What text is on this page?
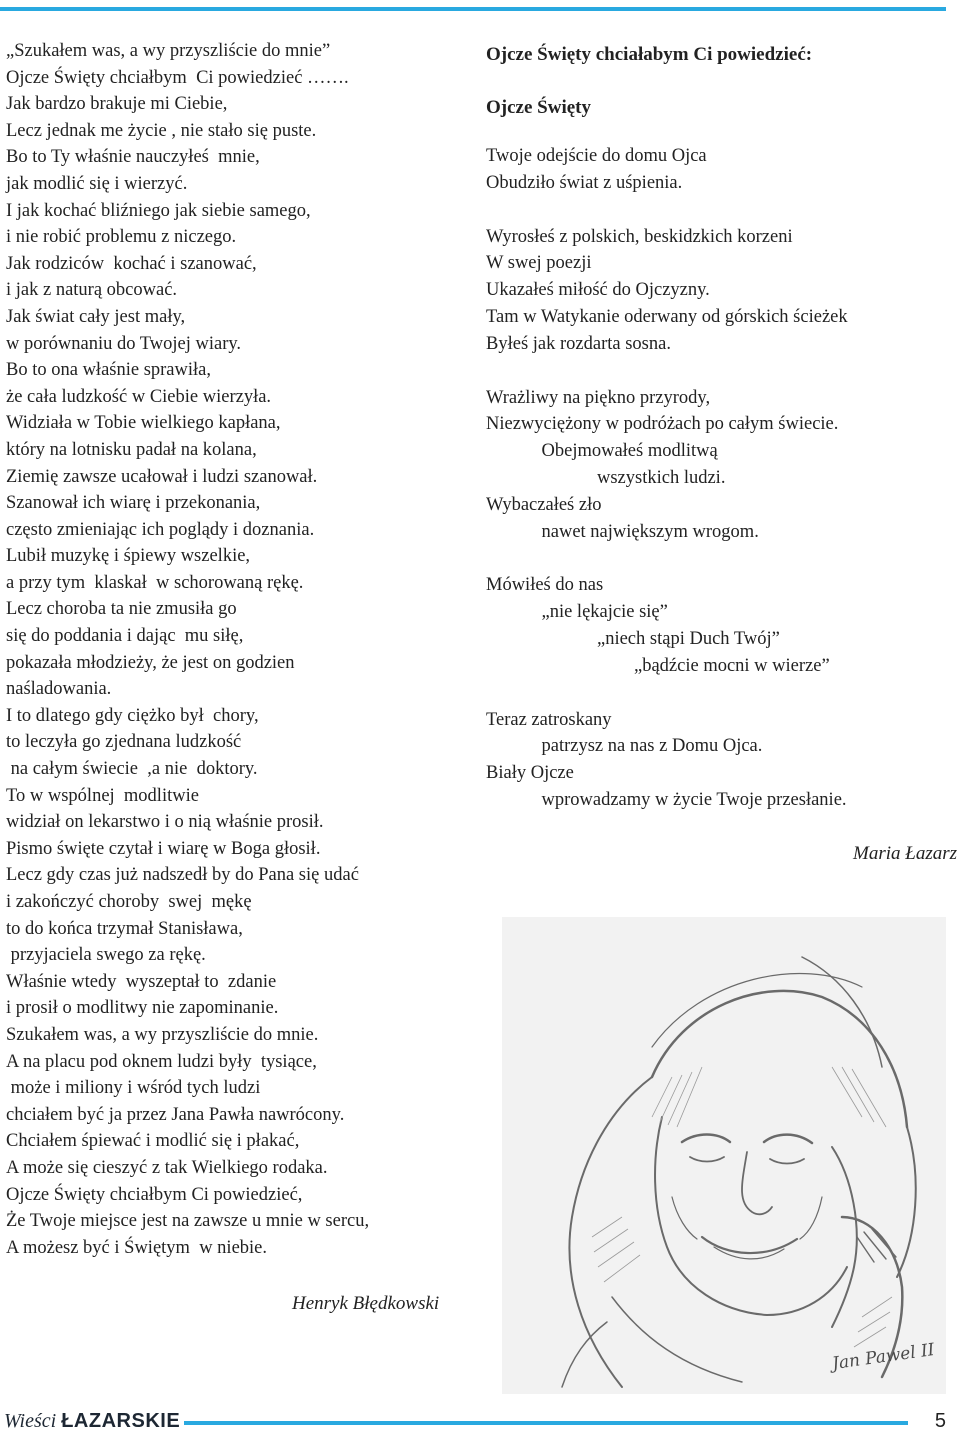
„Szukałem was, a wy przyszliście do mnie”
Ojcze Święty chciałbym  Ci powiedzieć …….
Jak bardzo brakuje mi Ciebie,
Lecz jednak me życie , nie stało się puste.
Bo to Ty właśnie nauczyłeś  mnie,
jak modlić się i wierzyć.
I jak kochać bliźniego jak siebie samego,
i nie robić problemu z niczego.
Jak rodziców  kochać i szanować,
i jak z naturą obcować.
Jak świat cały jest mały,
w porównaniu do Twojej wiary.
Bo to ona właśnie sprawiła,
że cała ludzkość w Ciebie wierzyła.
Widziała w Tobie wielkiego kapłana,
który na lotnisku padał na kolana,
Ziemię zawsze ucałował i ludzi szanował.
Szanował ich wiarę i przekonania,
często zmieniając ich poglądy i doznania.
Lubił muzykę i śpiewy wszelkie,
a przy tym  klaskał  w schorowaną rękę.
Lecz choroba ta nie zmusiła go
się do poddania i dając  mu siłę,
pokazała młodzieży, że jest on godzien
naśladowania.
I to dlatego gdy ciężko był  chory,
to leczyła go zjednana ludzkość
na całym świecie  ,a nie  doktory.
To w wspólnej  modlitwie
widział on lekarstwo i o nią właśnie prosił.
Pismo święte czytał i wiarę w Boga głosił.
Lecz gdy czas już nadszedł by do Pana się udać
i zakończyć choroby  swej  mękę
to do końca trzymał Stanisława,
przyjaciela swego za rękę.
Właśnie wtedy  wyszeptał to  zdanie
i prosił o modlitwy nie zapominanie.
Szukałem was, a wy przyszliście do mnie.
A na placu pod oknem ludzi były  tysiące,
może i miliony i wśród tych ludzi
chciałem być ja przez Jana Pawła nawrócony.
Chciałem śpiewać i modlić się i płakać,
A może się cieszyć z tak Wielkiego rodaka.
Ojcze Święty chciałbym Ci powiedzieć,
Że Twoje miejsce jest na zawsze u mnie w sercu,
A możesz być i Świętym  w niebie.
Henryk Błędkowski
Ojcze Święty chciałabym Ci powiedzieć:
Ojcze Święty
Twoje odejście do domu Ojca
Obudziło świat z uśpienia.
Wyrosłeś z polskich, beskidzkich korzeni
W swej poezji
Ukazałeś miłość do Ojczyzny.
Tam w Watykanie oderwany od górskich ścieżek
Byłeś jak rozdarta sosna.
Wrażliwy na piękno przyrody,
Niezwyciężony w podróżach po całym świecie.
Obejmowałeś modlitwą
wszystkich ludzi.
Wybaczałeś zło
nawet największym wrogom.
Mówiłeś do nas
„nie lękajcie się”
„niech stąpi Duch Twój”
„bądźcie mocni w wierze”
Teraz zatroskany
patrzysz na nas z Domu Ojca.
Biały Ojcze
wprowadzamy w życie Twoje przesłanie.
Maria Łazarz
Jan Pawel II
Wieści ŁAZARSKIE	5
